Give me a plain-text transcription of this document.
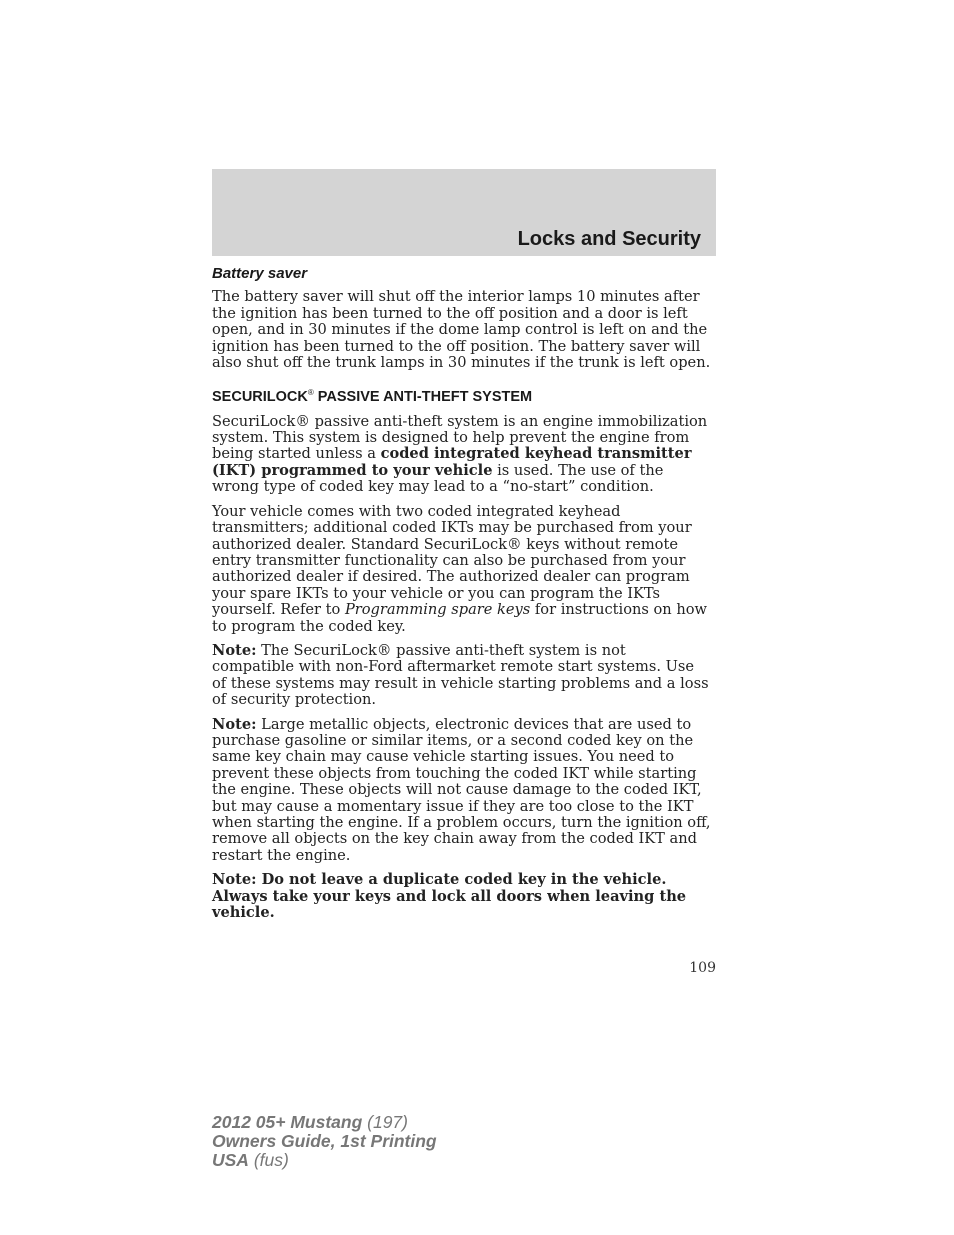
Locks and Security
Battery saver

The battery saver will shut off the interior lamps 10 minutes after the ignition has been turned to the off position and a door is left open, and in 30 minutes if the dome lamp control is left on and the ignition has been turned to the off position. The battery saver will also shut off the trunk lamps in 30 minutes if the trunk is left open.

SECURILOCK® PASSIVE ANTI-THEFT SYSTEM

SecuriLock® passive anti-theft system is an engine immobilization system. This system is designed to help prevent the engine from being started unless a coded integrated keyhead transmitter (IKT) programmed to your vehicle is used. The use of the wrong type of coded key may lead to a “no-start” condition.

Your vehicle comes with two coded integrated keyhead transmitters; additional coded IKTs may be purchased from your authorized dealer. Standard SecuriLock® keys without remote entry transmitter functionality can also be purchased from your authorized dealer if desired. The authorized dealer can program your spare IKTs to your vehicle or you can program the IKTs yourself. Refer to Programming spare keys for instructions on how to program the coded key.

Note: The SecuriLock® passive anti-theft system is not compatible with non-Ford aftermarket remote start systems. Use of these systems may result in vehicle starting problems and a loss of security protection.

Note: Large metallic objects, electronic devices that are used to purchase gasoline or similar items, or a second coded key on the same key chain may cause vehicle starting issues. You need to prevent these objects from touching the coded IKT while starting the engine. These objects will not cause damage to the coded IKT, but may cause a momentary issue if they are too close to the IKT when starting the engine. If a problem occurs, turn the ignition off, remove all objects on the key chain away from the coded IKT and restart the engine.

Note: Do not leave a duplicate coded key in the vehicle. Always take your keys and lock all doors when leaving the vehicle.

109
2012 05+ Mustang (197)
Owners Guide, 1st Printing
USA (fus)
